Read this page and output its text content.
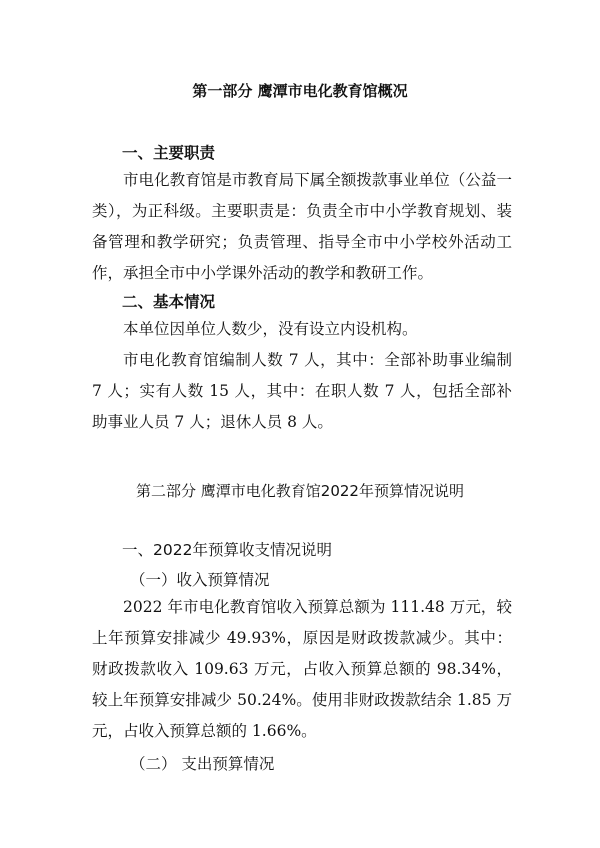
第一部分 鹰潭市电化教育馆概况
一、主要职责
市电化教育馆是市教育局下属全额拨款事业单位（公益一类），为正科级。主要职责是：负责全市中小学教育规划、装备管理和教学研究；负责管理、指导全市中小学校外活动工作，承担全市中小学课外活动的教学和教研工作。
二、基本情况
本单位因单位人数少，没有设立内设机构。
市电化教育馆编制人数 7 人，其中：全部补助事业编制 7 人；实有人数 15 人，其中：在职人数 7 人，包括全部补助事业人员 7 人；退休人员 8 人。
第二部分 鹰潭市电化教育馆2022年预算情况说明
一、2022年预算收支情况说明
（一）收入预算情况
2022 年市电化教育馆收入预算总额为 111.48 万元，较上年预算安排减少 49.93%，原因是财政拨款减少。其中：财政拨款收入 109.63 万元，占收入预算总额的 98.34%，较上年预算安排减少 50.24%。使用非财政拨款结余 1.85 万元，占收入预算总额的 1.66%。
（二） 支出预算情况
